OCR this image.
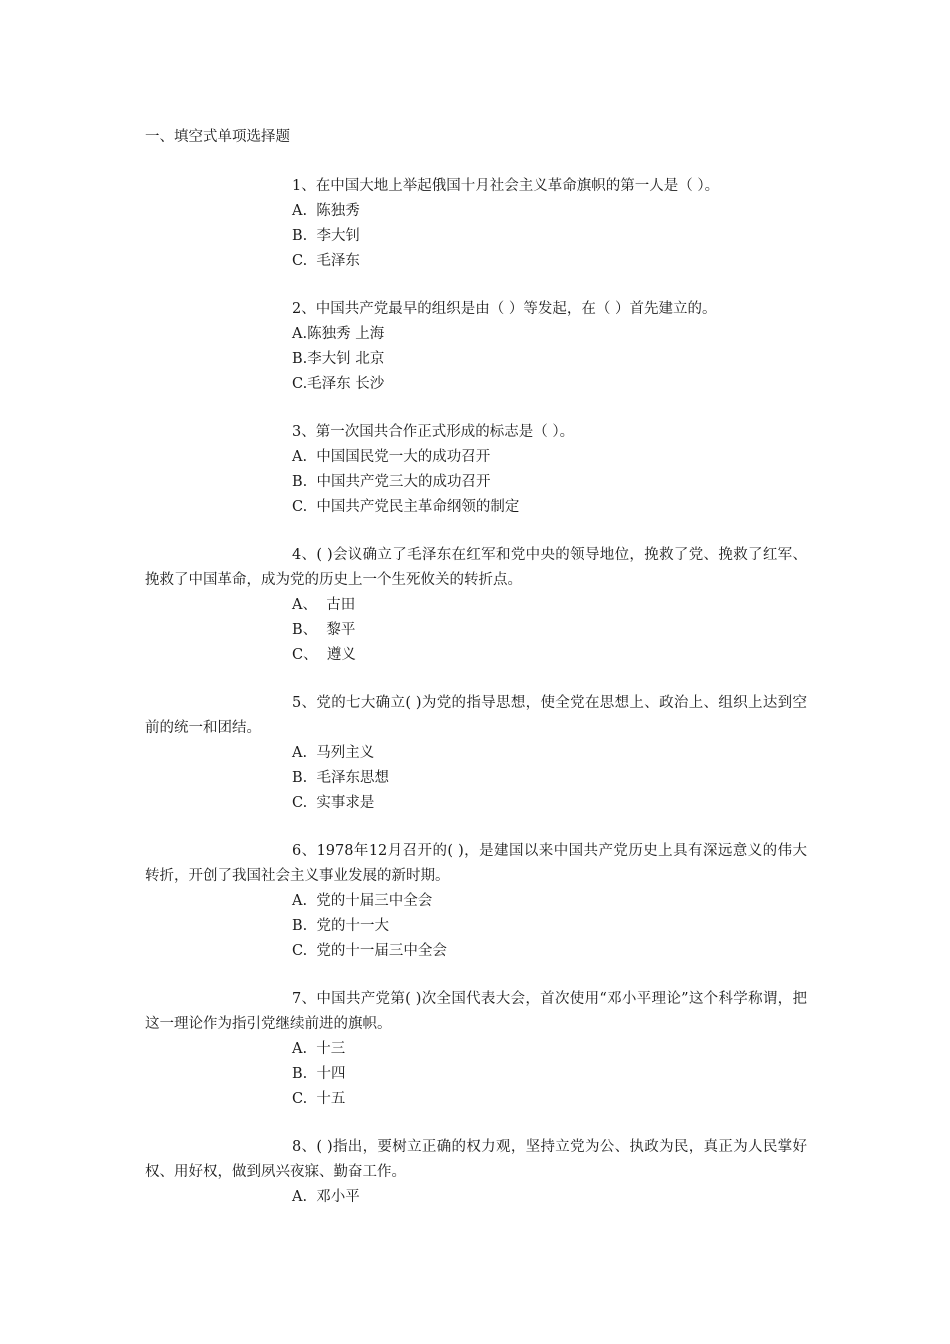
一、填空式单项选择题

1、在中国大地上举起俄国十月社会主义革命旗帜的第一人是（ ）。

A.  陈独秀
B.  李大钊
C.  毛泽东

2、中国共产党最早的组织是由（ ）等发起，在（ ）首先建立的。

A.陈独秀 上海
B.李大钊 北京
C.毛泽东 长沙

3、第一次国共合作正式形成的标志是（ ）。

A.  中国国民党一大的成功召开
B.  中国共产党三大的成功召开
C.  中国共产党民主革命纲领的制定

4、( )会议确立了毛泽东在红军和党中央的领导地位，挽救了党、挽救了红军、挽救了中国革命，成为党的历史上一个生死攸关的转折点。

A、  古田
B、  黎平
C、  遵义

5、党的七大确立( )为党的指导思想，使全党在思想上、政治上、组织上达到空前的统一和团结。

A.  马列主义
B.  毛泽东思想
C.  实事求是

6、1978年12月召开的( )，是建国以来中国共产党历史上具有深远意义的伟大转折，开创了我国社会主义事业发展的新时期。

A.  党的十届三中全会
B.  党的十一大
C.  党的十一届三中全会

7、中国共产党第( )次全国代表大会，首次使用“邓小平理论”这个科学称谓，把这一理论作为指引党继续前进的旗帜。

A.  十三
B.  十四
C.  十五

8、( )指出，要树立正确的权力观，坚持立党为公、执政为民，真正为人民掌好权、用好权，做到夙兴夜寐、勤奋工作。

A.  邓小平
